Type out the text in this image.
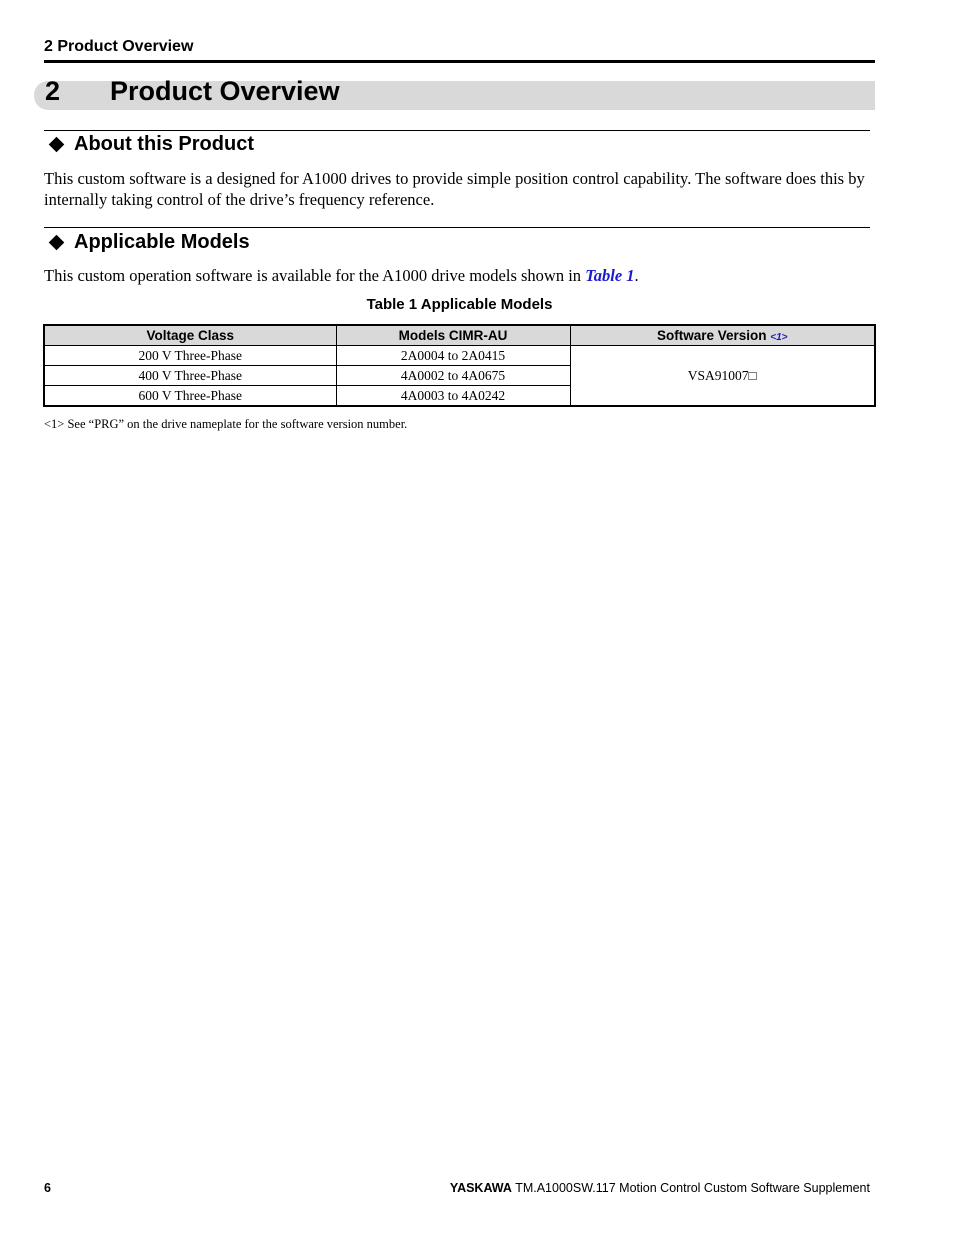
2 Product Overview
2 Product Overview
About this Product
This custom software is a designed for A1000 drives to provide simple position control capability. The software does this by internally taking control of the drive’s frequency reference.
Applicable Models
This custom operation software is available for the A1000 drive models shown in Table 1.
Table 1 Applicable Models
Voltage Class	Models CIMR-AU	Software Version <1>
200 V Three-Phase	2A0004 to 2A0415	VSA91007□
400 V Three-Phase	4A0002 to 4A0675	
600 V Three-Phase	4A0003 to 4A0242	
<1> See “PRG” on the drive nameplate for the software version number.
6	YASKAWA TM.A1000SW.117 Motion Control Custom Software Supplement
